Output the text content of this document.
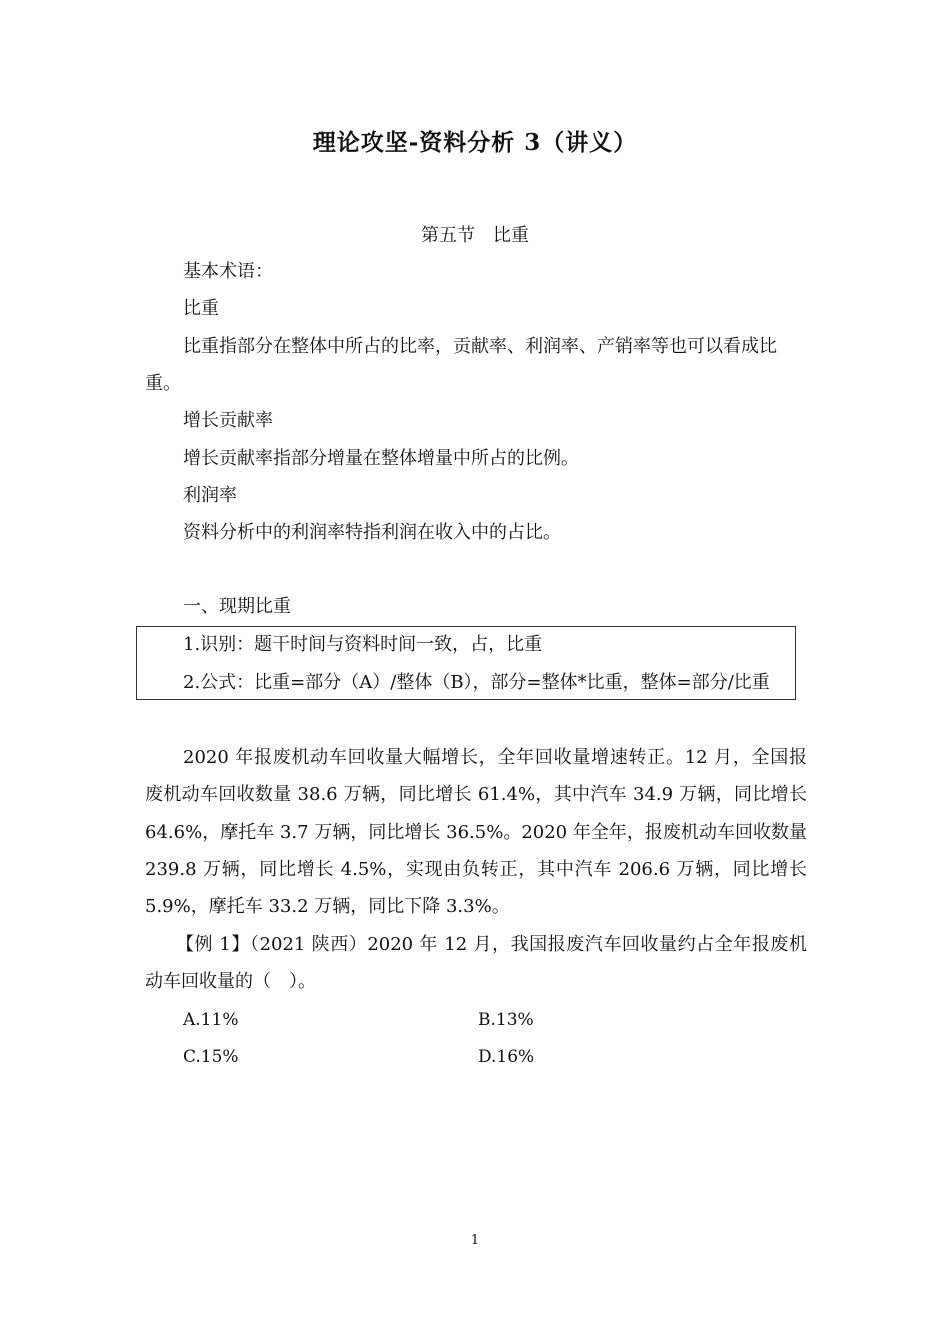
理论攻坚-资料分析 3（讲义）
第五节　比重
基本术语：
比重
比重指部分在整体中所占的比率，贡献率、利润率、产销率等也可以看成比
重。
增长贡献率
增长贡献率指部分增量在整体增量中所占的比例。
利润率
资料分析中的利润率特指利润在收入中的占比。
一、现期比重
1.识别：题干时间与资料时间一致，占，比重
2.公式：比重=部分（A）/整体（B），部分=整体*比重，整体=部分/比重
2020 年报废机动车回收量大幅增长，全年回收量增速转正。12 月，全国报
废机动车回收数量 38.6 万辆，同比增长 61.4%，其中汽车 34.9 万辆，同比增长
64.6%，摩托车 3.7 万辆，同比增长 36.5%。2020 年全年，报废机动车回收数量
239.8 万辆，同比增长 4.5%，实现由负转正，其中汽车 206.6 万辆，同比增长
5.9%，摩托车 33.2 万辆，同比下降 3.3%。
【例 1】（2021 陕西）2020 年 12 月，我国报废汽车回收量约占全年报废机
动车回收量的（　）。
A.11%	B.13%
C.15%	D.16%
1
